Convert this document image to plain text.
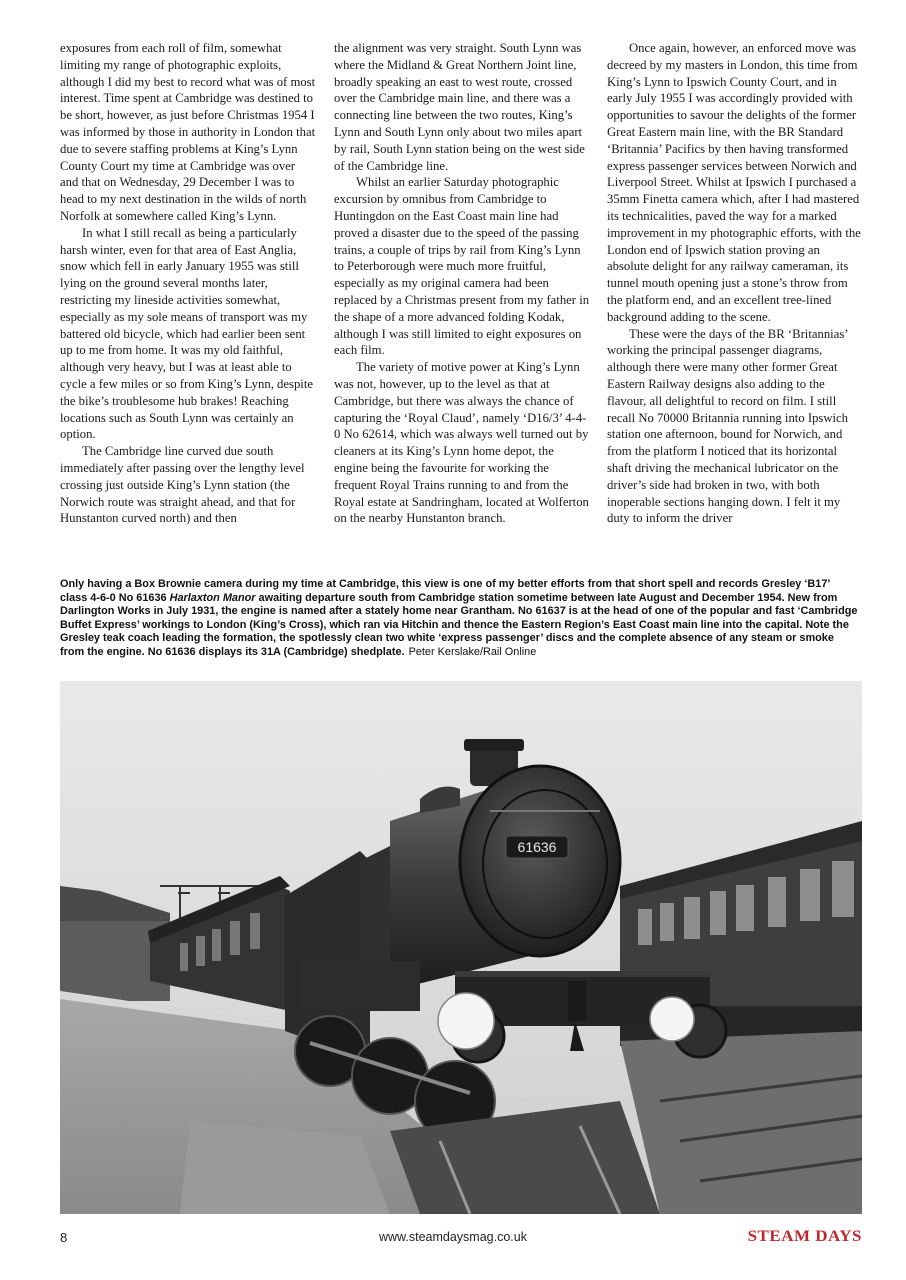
exposures from each roll of film, somewhat limiting my range of photographic exploits, although I did my best to record what was of most interest. Time spent at Cambridge was destined to be short, however, as just before Christmas 1954 I was informed by those in authority in London that due to severe staffing problems at King’s Lynn County Court my time at Cambridge was over and that on Wednesday, 29 December I was to head to my next destination in the wilds of north Norfolk at somewhere called King’s Lynn.

In what I still recall as being a particularly harsh winter, even for that area of East Anglia, snow which fell in early January 1955 was still lying on the ground several months later, restricting my lineside activities somewhat, especially as my sole means of transport was my battered old bicycle, which had earlier been sent up to me from home. It was my old faithful, although very heavy, but I was at least able to cycle a few miles or so from King’s Lynn, despite the bike’s troublesome hub brakes! Reaching locations such as South Lynn was certainly an option.

The Cambridge line curved due south immediately after passing over the lengthy level crossing just outside King’s Lynn station (the Norwich route was straight ahead, and that for Hunstanton curved north) and then

the alignment was very straight. South Lynn was where the Midland & Great Northern Joint line, broadly speaking an east to west route, crossed over the Cambridge main line, and there was a connecting line between the two routes, King’s Lynn and South Lynn only about two miles apart by rail, South Lynn station being on the west side of the Cambridge line.

Whilst an earlier Saturday photographic excursion by omnibus from Cambridge to Huntingdon on the East Coast main line had proved a disaster due to the speed of the passing trains, a couple of trips by rail from King’s Lynn to Peterborough were much more fruitful, especially as my original camera had been replaced by a Christmas present from my father in the shape of a more advanced folding Kodak, although I was still limited to eight exposures on each film.

The variety of motive power at King’s Lynn was not, however, up to the level as that at Cambridge, but there was always the chance of capturing the ‘Royal Claud’, namely ‘D16/3’ 4-4-0 No 62614, which was always well turned out by cleaners at its King’s Lynn home depot, the engine being the favourite for working the frequent Royal Trains running to and from the Royal estate at Sandringham, located at Wolferton on the nearby Hunstanton branch.

Once again, however, an enforced move was decreed by my masters in London, this time from King’s Lynn to Ipswich County Court, and in early July 1955 I was accordingly provided with opportunities to savour the delights of the former Great Eastern main line, with the BR Standard ‘Britannia’ Pacifics by then having transformed express passenger services between Norwich and Liverpool Street. Whilst at Ipswich I purchased a 35mm Finetta camera which, after I had mastered its technicalities, paved the way for a marked improvement in my photographic efforts, with the London end of Ipswich station proving an absolute delight for any railway cameraman, its tunnel mouth opening just a stone’s throw from the platform end, and an excellent tree-lined background adding to the scene.

These were the days of the BR ‘Britannias’ working the principal passenger diagrams, although there were many other former Great Eastern Railway designs also adding to the flavour, all delightful to record on film. I still recall No 70000 Britannia running into Ipswich station one afternoon, bound for Norwich, and from the platform I noticed that its horizontal shaft driving the mechanical lubricator on the driver’s side had broken in two, with both inoperable sections hanging down. I felt it my duty to inform the driver

Only having a Box Brownie camera during my time at Cambridge, this view is one of my better efforts from that short spell and records Gresley ‘B17’ class 4-6-0 No 61636 Harlaxton Manor awaiting departure south from Cambridge station sometime between late August and December 1954. New from Darlington Works in July 1931, the engine is named after a stately home near Grantham. No 61637 is at the head of one of the popular and fast ‘Cambridge Buffet Express’ workings to London (King’s Cross), which ran via Hitchin and thence the Eastern Region’s East Coast main line into the capital. Note the Gresley teak coach leading the formation, the spotlessly clean two white ‘express passenger’ discs and the complete absence of any steam or smoke from the engine. No 61636 displays its 31A (Cambridge) shedplate. Peter Kerslake/Rail Online
61636
-17
8	www.steamdaysmag.co.uk	STEAM DAYS
